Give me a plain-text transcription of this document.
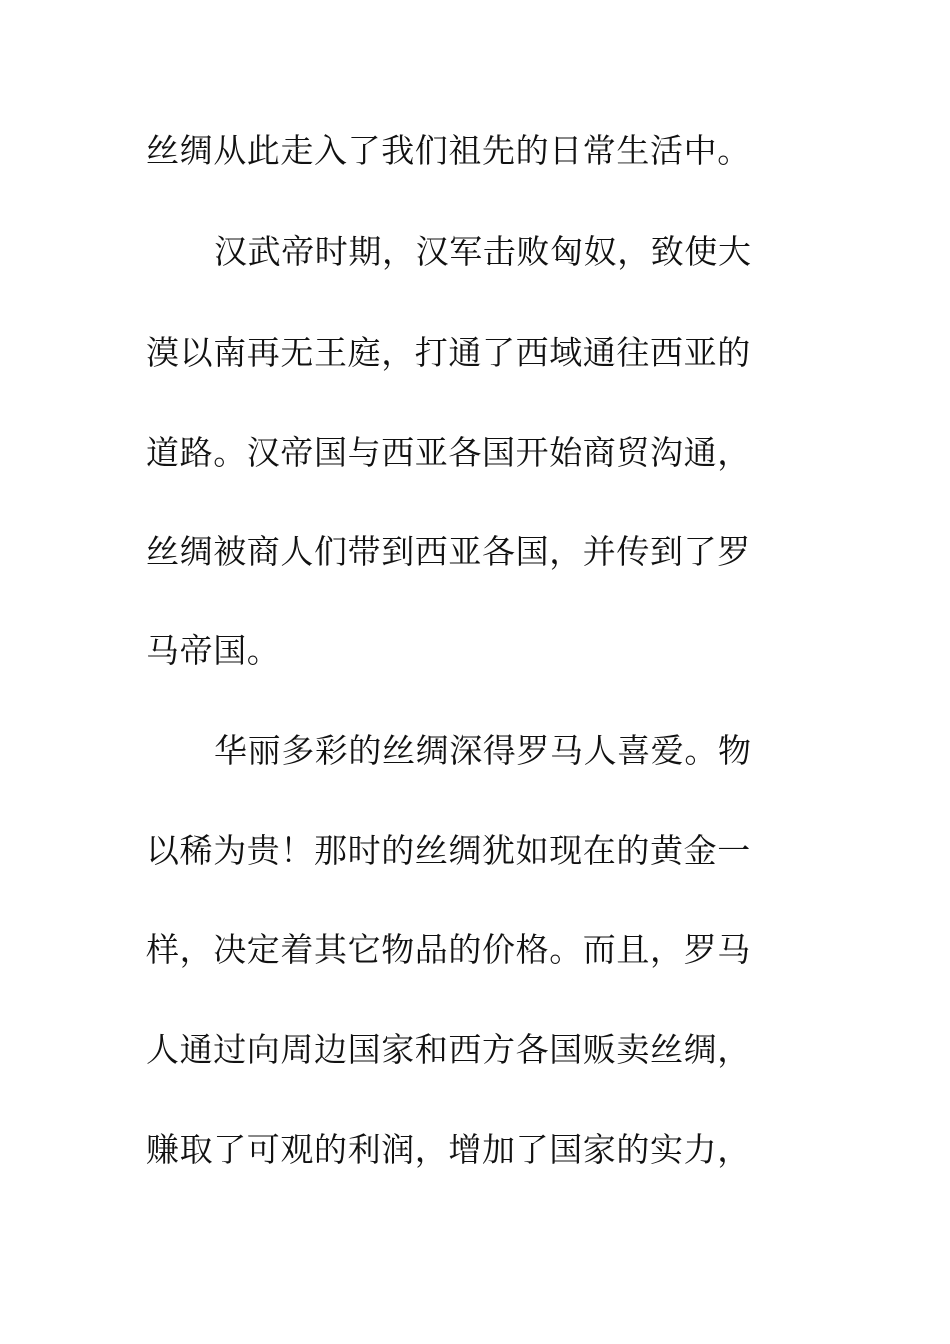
丝绸从此走入了我们祖先的日常生活中。
汉武帝时期，汉军击败匈奴，致使大
漠以南再无王庭，打通了西域通往西亚的
道路。汉帝国与西亚各国开始商贸沟通，
丝绸被商人们带到西亚各国，并传到了罗
马帝国。
华丽多彩的丝绸深得罗马人喜爱。物
以稀为贵！那时的丝绸犹如现在的黄金一
样，决定着其它物品的价格。而且，罗马
人通过向周边国家和西方各国贩卖丝绸，
赚取了可观的利润，增加了国家的实力，
